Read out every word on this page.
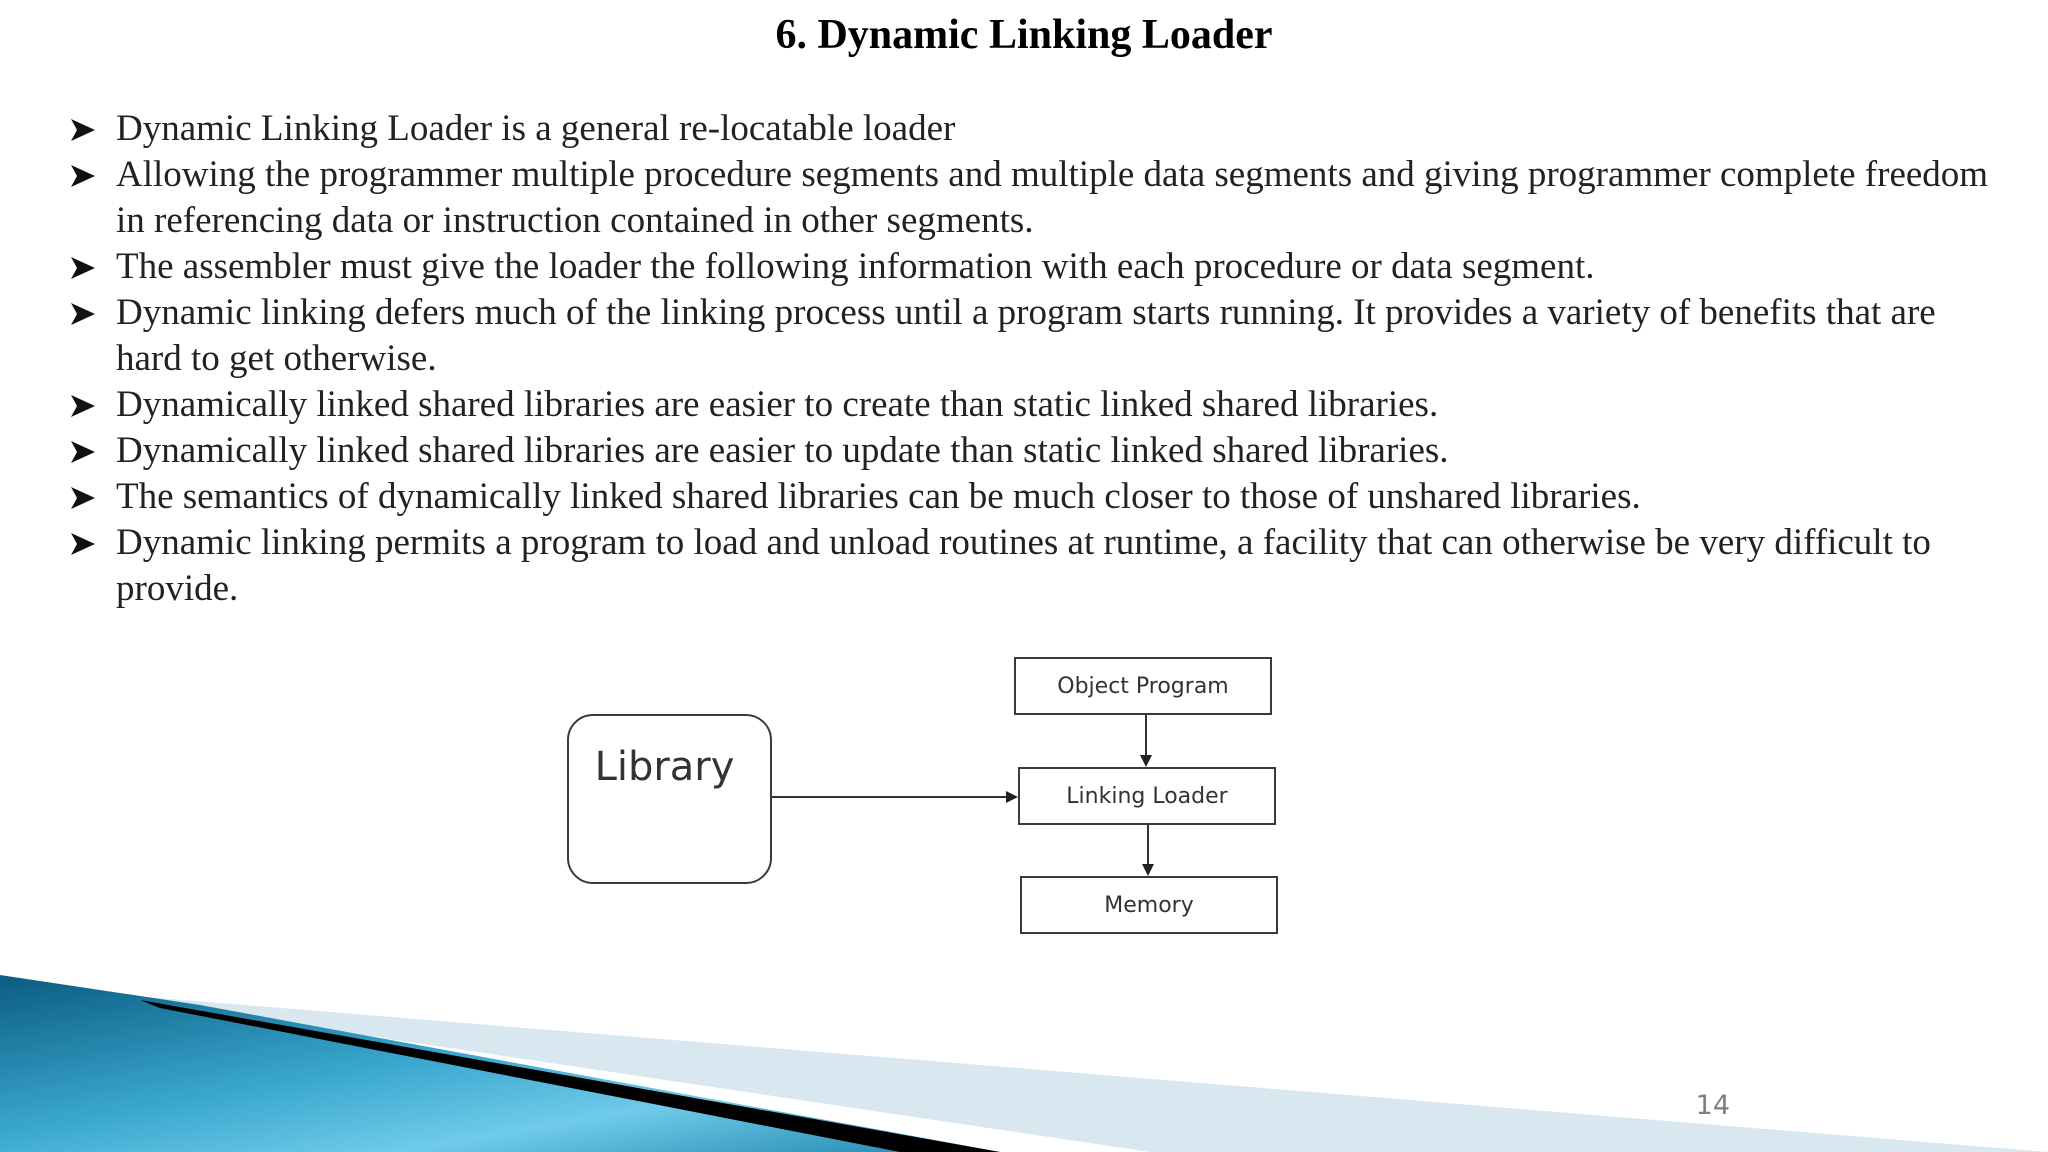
6. Dynamic Linking Loader
Dynamic Linking Loader is a general re-locatable loader
Allowing the programmer multiple procedure segments and multiple data segments and giving programmer complete freedom in referencing data or instruction contained in other segments.
The assembler must give the loader the following information with each procedure or data segment.
Dynamic linking defers much of the linking process until a program starts running. It provides a variety of benefits that are hard to get otherwise.
Dynamically linked shared libraries are easier to create than static linked shared libraries.
Dynamically linked shared libraries are easier to update than static linked shared libraries.
The semantics of dynamically linked shared libraries can be much closer to those of unshared libraries.
Dynamic linking permits a program to load and unload routines at runtime, a facility that can otherwise be very difficult to provide.
Library
Object Program
Linking Loader
Memory
14
